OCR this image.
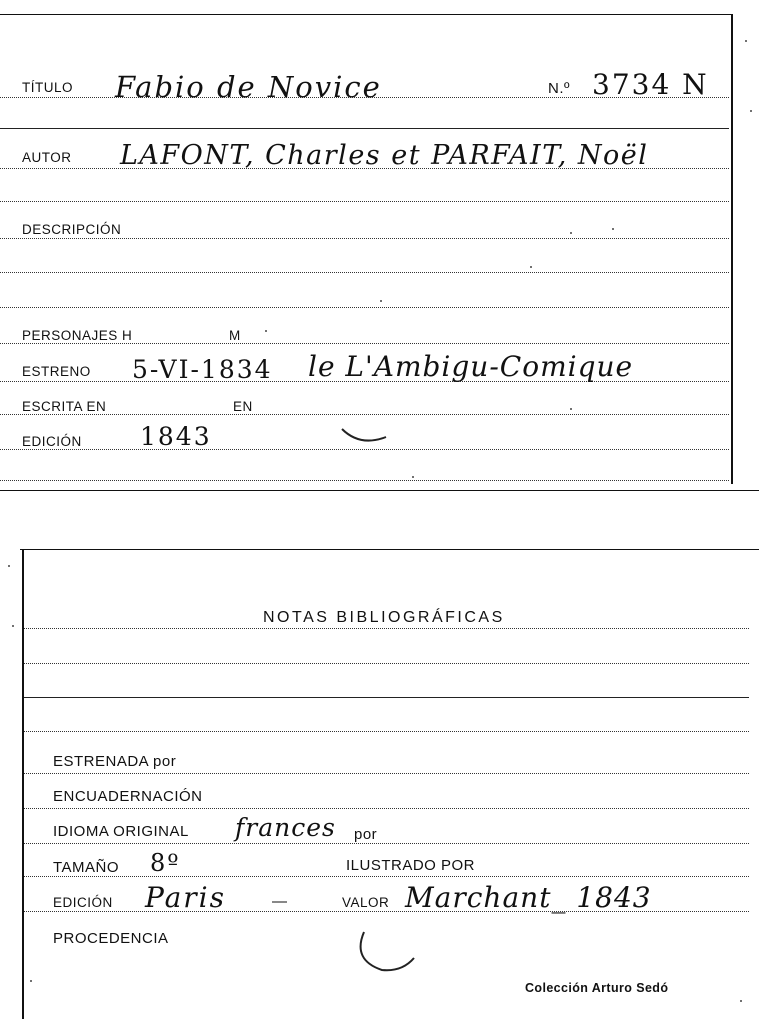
TÍTULO Fabio de Novice	N.º 3734 N
AUTOR LAFONT, Charles et PARFAIT, Noël
DESCRIPCIÓN
PERSONAJES H	M
ESTRENO 5-VI-1834 le L'Ambigu-Comique
ESCRITA EN	EN
EDICIÓN 1843
NOTAS BIBLIOGRÁFICAS
ESTRENADA por
ENCUADERNACIÓN
IDIOMA ORIGINAL frances por
TAMAÑO 8º	ILUSTRADO POR
EDICIÓN Paris	—	VALOR Marchant_ 1843
PROCEDENCIA
Colección Arturo Sedó
